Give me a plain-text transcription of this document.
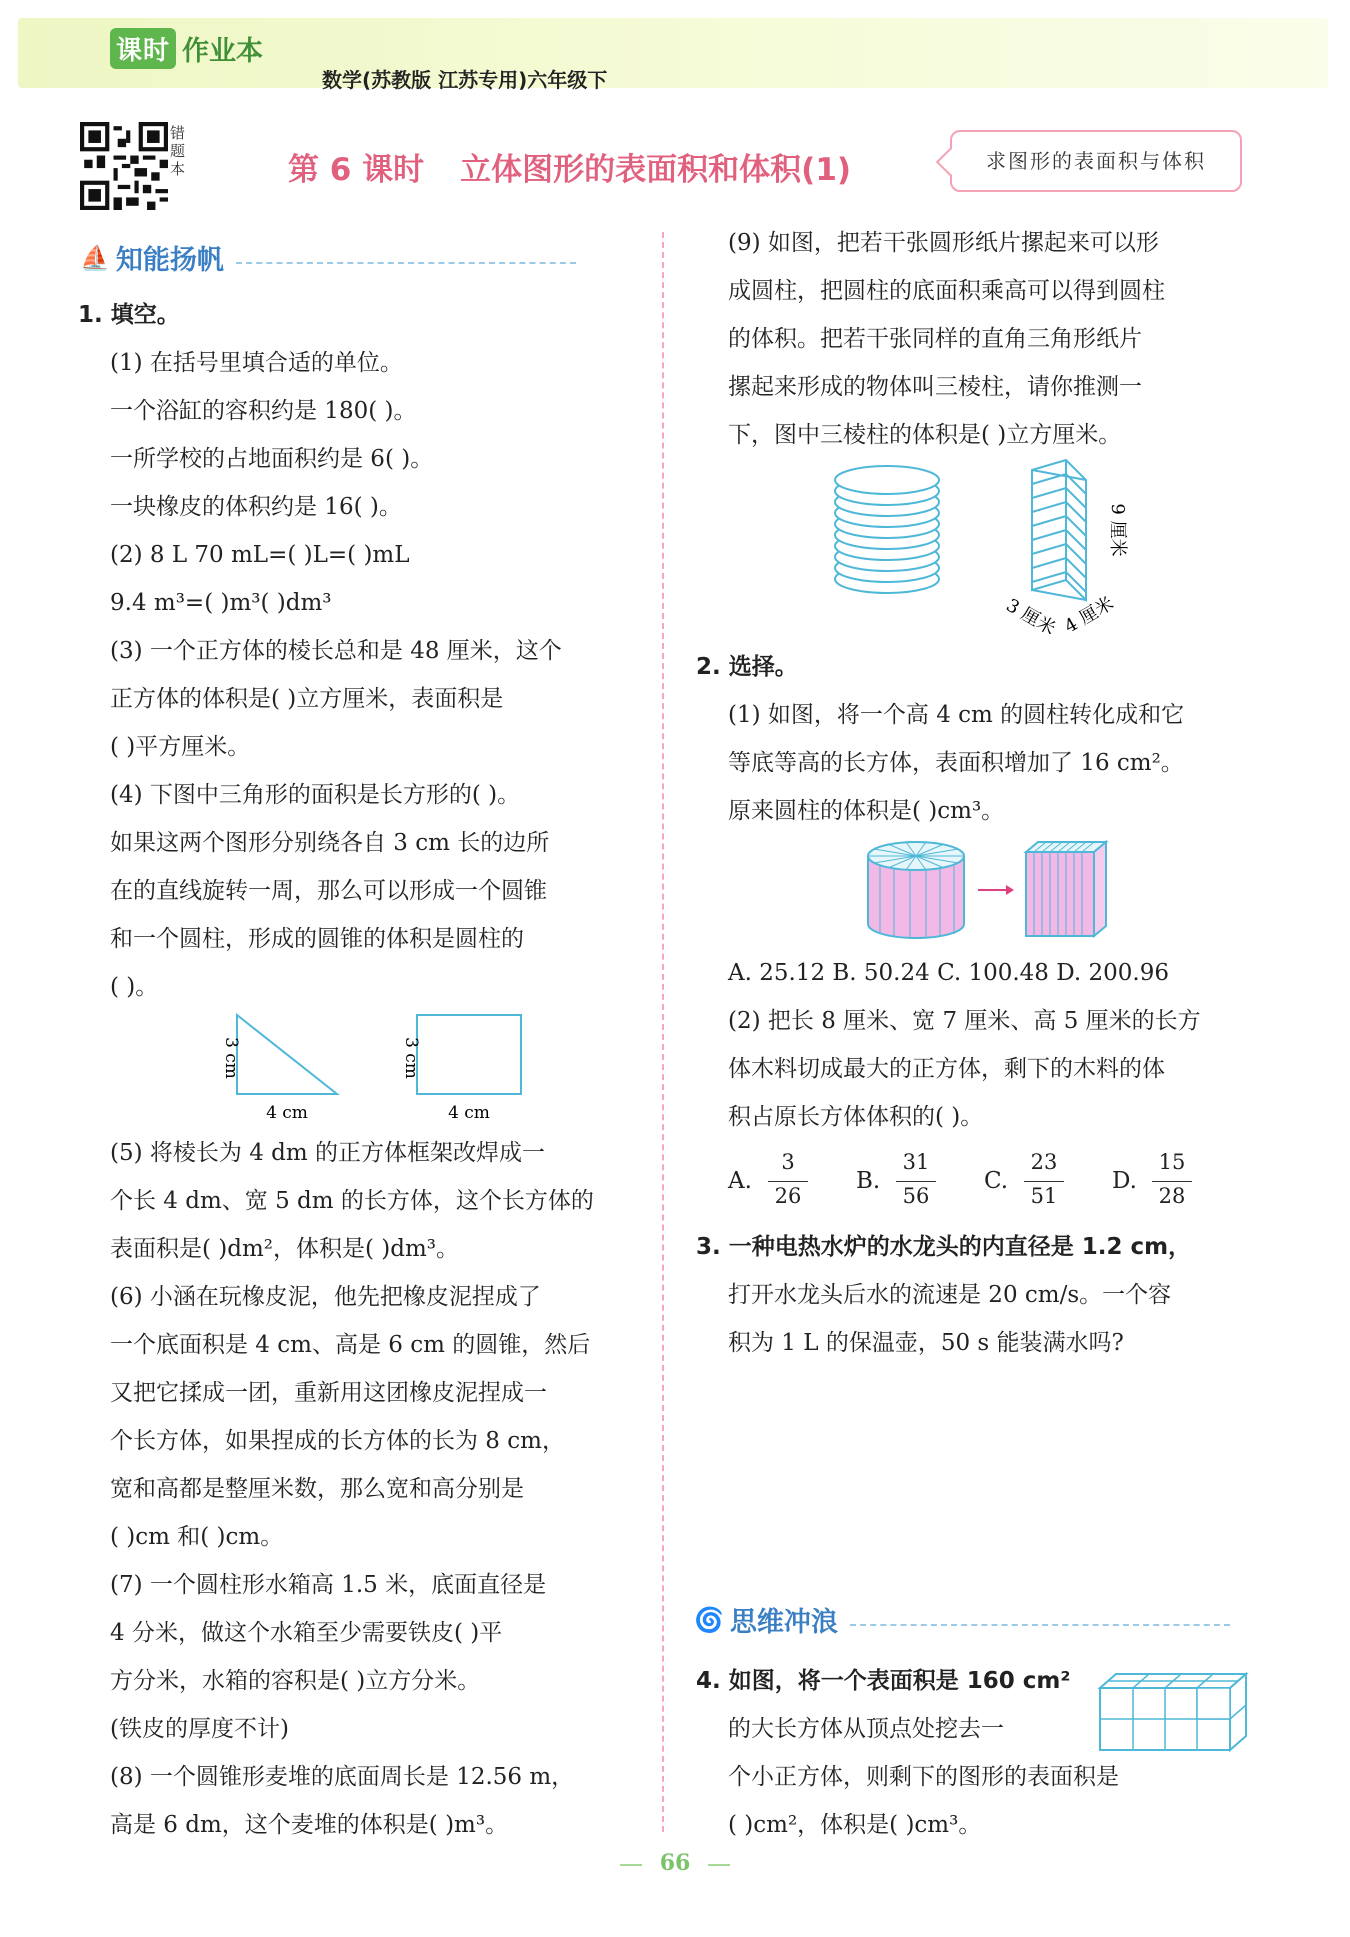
课时 作业本
数学(苏教版 江苏专用)六年级下
错题本	第 6 课时 立体图形的表面积和体积(1)	求图形的表面积与体积
⛵ 知能扬帆
1. 填空。
(1) 在括号里填合适的单位。
一个浴缸的容积约是 180( )。
一所学校的占地面积约是 6( )。
一块橡皮的体积约是 16( )。
(2) 8 L 70 mL=( )L=( )mL
9.4 m³=( )m³( )dm³
(3) 一个正方体的棱长总和是 48 厘米，这个
正方体的体积是( )立方厘米，表面积是
( )平方厘米。
(4) 下图中三角形的面积是长方形的( )。
如果这两个图形分别绕各自 3 cm 长的边所
在的直线旋转一周，那么可以形成一个圆锥
和一个圆柱，形成的圆锥的体积是圆柱的
( )。
3 cm
4 cm
3 cm
4 cm
(5) 将棱长为 4 dm 的正方体框架改焊成一
个长 4 dm、宽 5 dm 的长方体，这个长方体的
表面积是( )dm²，体积是( )dm³。
(6) 小涵在玩橡皮泥，他先把橡皮泥捏成了
一个底面积是 4 cm、高是 6 cm 的圆锥，然后
又把它揉成一团，重新用这团橡皮泥捏成一
个长方体，如果捏成的长方体的长为 8 cm，
宽和高都是整厘米数，那么宽和高分别是
( )cm 和( )cm。
(7) 一个圆柱形水箱高 1.5 米，底面直径是
4 分米，做这个水箱至少需要铁皮( )平
方分米，水箱的容积是( )立方分米。
(铁皮的厚度不计)
(8) 一个圆锥形麦堆的底面周长是 12.56 m，
高是 6 dm，这个麦堆的体积是( )m³。
(9) 如图，把若干张圆形纸片摞起来可以形
成圆柱，把圆柱的底面积乘高可以得到圆柱
的体积。把若干张同样的直角三角形纸片
摞起来形成的物体叫三棱柱，请你推测一
下，图中三棱柱的体积是( )立方厘米。
9 厘米
3 厘米 4 厘米
2. 选择。
(1) 如图，将一个高 4 cm 的圆柱转化成和它
等底等高的长方体，表面积增加了 16 cm²。
原来圆柱的体积是( )cm³。
A. 25.12 B. 50.24 C. 100.48 D. 200.96
(2) 把长 8 厘米、宽 7 厘米、高 5 厘米的长方
体木料切成最大的正方体，剩下的木料的体
积占原长方体体积的( )。
A.
3
26
B.
31
56
C.
23
51
D.
15
28
3. 一种电热水炉的水龙头的内直径是 1.2 cm，
打开水龙头后水的流速是 20 cm/s。一个容
积为 1 L 的保温壶，50 s 能装满水吗?
🌀 思维冲浪
4. 如图，将一个表面积是 160 cm²
的大长方体从顶点处挖去一
个小正方体，则剩下的图形的表面积是
( )cm²，体积是( )cm³。
66
